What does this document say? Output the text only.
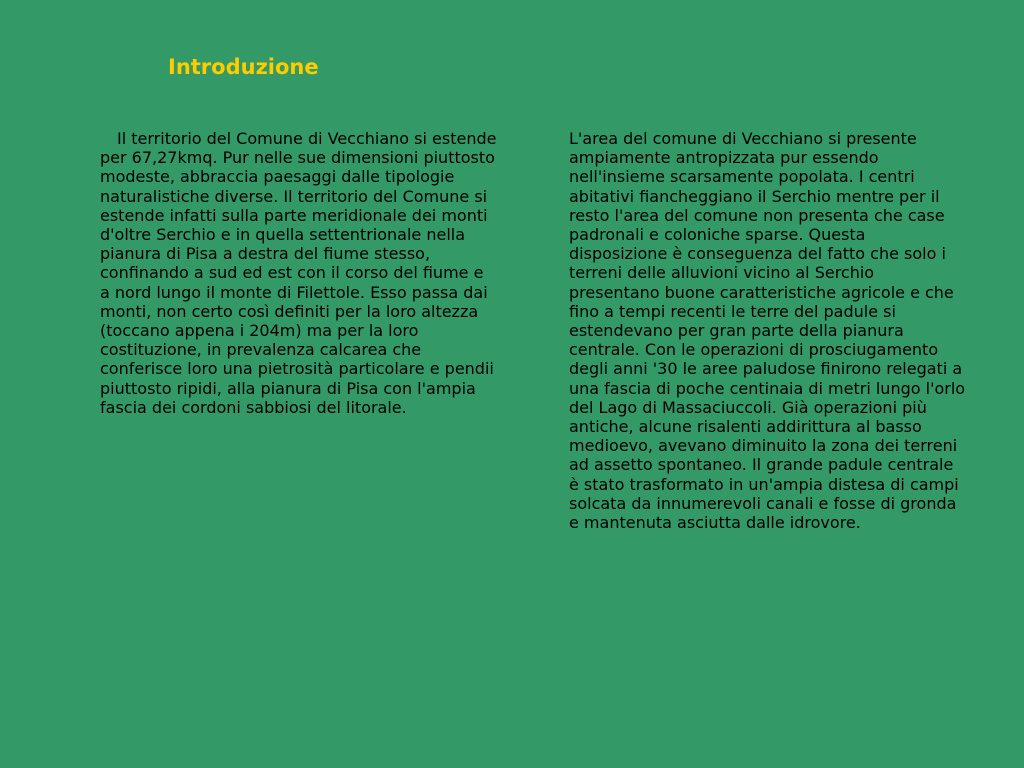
Introduzione

Il territorio del Comune di Vecchiano si estende per 67,27kmq. Pur nelle sue dimensioni piuttosto modeste, abbraccia paesaggi dalle tipologie naturalistiche diverse. Il territorio del Comune si estende infatti sulla parte meridionale dei monti d'oltre Serchio e in quella settentrionale nella pianura di Pisa a destra del fiume stesso, confinando a sud ed est con il corso del fiume e a nord lungo il monte di Filettole. Esso passa dai monti, non certo così definiti per la loro altezza (toccano appena i 204m) ma per la loro costituzione, in prevalenza calcarea che conferisce loro una pietrosità particolare e pendii piuttosto ripidi, alla pianura di Pisa con l'ampia fascia dei cordoni sabbiosi del litorale.

L'area del comune di Vecchiano si presente ampiamente antropizzata pur essendo nell'insieme scarsamente popolata. I centri abitativi fiancheggiano il Serchio mentre per il resto l'area del comune non presenta che case padronali e coloniche sparse. Questa disposizione è conseguenza del fatto che solo i terreni delle alluvioni vicino al Serchio presentano buone caratteristiche agricole e che fino a tempi recenti le terre del padule si estendevano per gran parte della pianura centrale. Con le operazioni di prosciugamento degli anni '30 le aree paludose finirono relegati a una fascia di poche centinaia di metri lungo l'orlo del Lago di Massaciuccoli. Già operazioni più antiche, alcune risalenti addirittura al basso medioevo, avevano diminuito la zona dei terreni ad assetto spontaneo. Il grande padule centrale è stato trasformato in un'ampia distesa di campi solcata da innumerevoli canali e fosse di gronda e mantenuta asciutta dalle idrovore.
